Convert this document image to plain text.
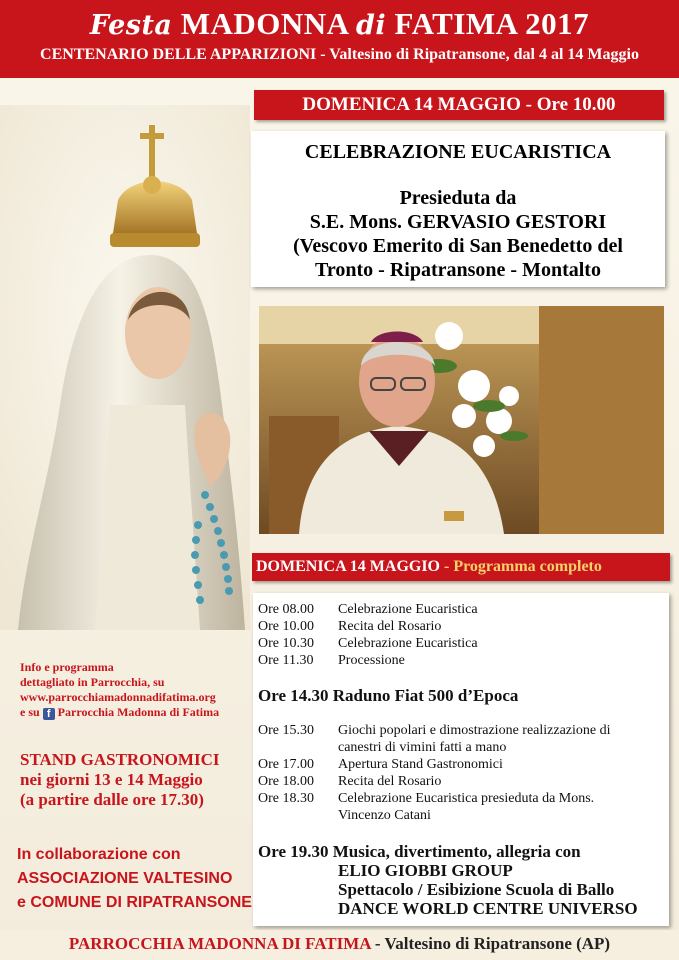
Festa MADONNA di FATIMA 2017
CENTENARIO DELLE APPARIZIONI - Valtesino di Ripatransone, dal 4 al 14 Maggio
DOMENICA 14 MAGGIO - Ore 10.00
CELEBRAZIONE EUCARISTICA
Presieduta da
S.E. Mons. GERVASIO GESTORI
(Vescovo Emerito di San Benedetto del
Tronto - Ripatransone - Montalto
DOMENICA 14 MAGGIO - Programma completo
Ore 08.00 Celebrazione Eucaristica
Ore 10.00 Recita del Rosario
Ore 10.30 Celebrazione Eucaristica
Ore 11.30 Processione
Ore 14.30 Raduno Fiat 500 d’Epoca
Ore 15.30 Giochi popolari e dimostrazione realizzazione di
canestri di vimini fatti a mano
Ore 17.00 Apertura Stand Gastronomici
Ore 18.00 Recita del Rosario
Ore 18.30 Celebrazione Eucaristica presieduta da Mons.
Vincenzo Catani
Ore 19.30 Musica, divertimento, allegria con
ELIO GIOBBI GROUP
Spettacolo / Esibizione Scuola di Ballo
DANCE WORLD CENTRE UNIVERSO
Info e programma
dettagliato in Parrocchia, su
www.parrocchiamadonnadifatima.org
e su f Parrocchia Madonna di Fatima
STAND GASTRONOMICI
nei giorni 13 e 14 Maggio
(a partire dalle ore 17.30)
In collaborazione con
ASSOCIAZIONE VALTESINO
e COMUNE DI RIPATRANSONE
PARROCCHIA MADONNA DI FATIMA - Valtesino di Ripatransone (AP)
